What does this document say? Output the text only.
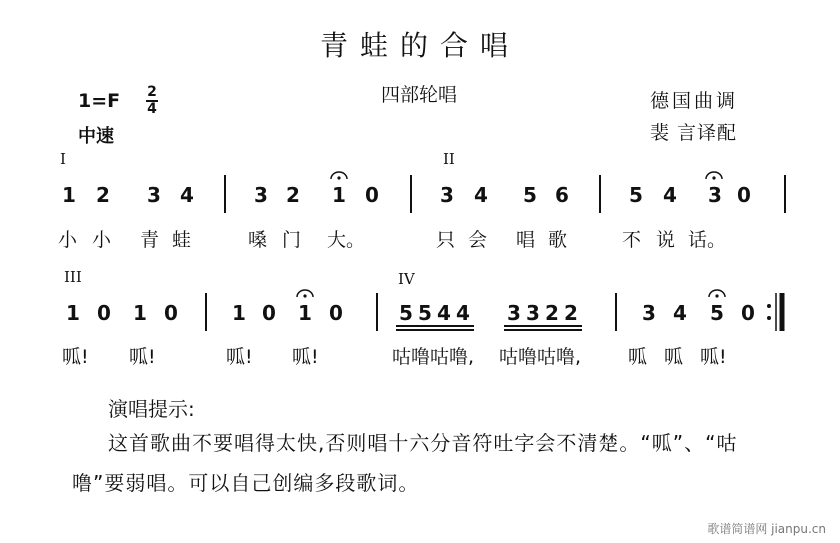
青蛙的合唱
四部轮唱	德国曲调
裴 言译配
1=F 2
4
中速
I	II
III	IV
1 2 3 4	3 2 1 0	3 4 5 6	5 4 3 0
小 小 青 蛙	嗓 门 大。	只 会 唱 歌	不 说 话。
1 0 1 0	1 0 1 0	5 5 4 4 3 3 2 2	3 4 5 0
呱! 呱!	呱! 呱!	咕噜咕噜, 咕噜咕噜, 呱 呱 呱!
演唱提示:
这首歌曲不要唱得太快,否则唱十六分音符吐字会不清楚。“呱”、“咕
噜”要弱唱。可以自己创编多段歌词。
歌谱简谱网 jianpu.cn
